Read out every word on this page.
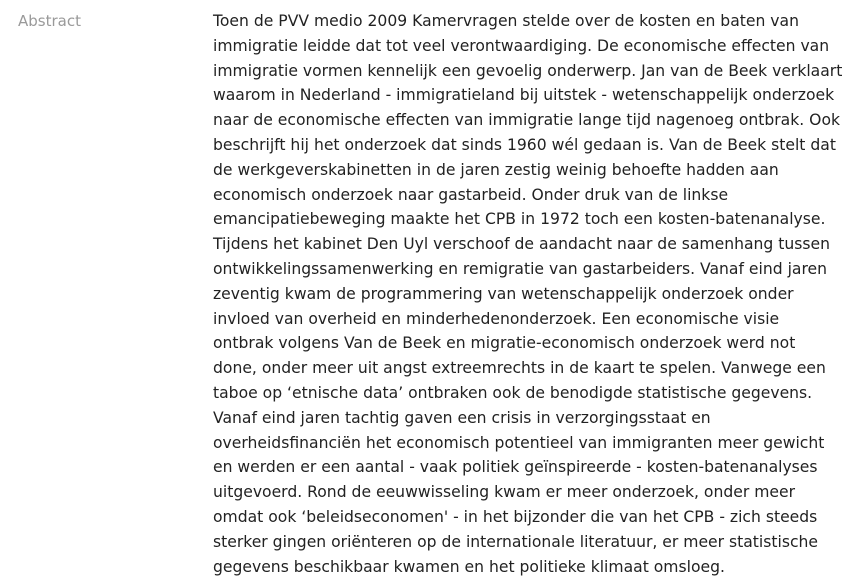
Abstract	Toen de PVV medio 2009 Kamervragen stelde over de kosten en baten van
immigratie leidde dat tot veel verontwaardiging. De economische effecten van
immigratie vormen kennelijk een gevoelig onderwerp. Jan van de Beek verklaart
waarom in Nederland - immigratieland bij uitstek - wetenschappelijk onderzoek
naar de economische effecten van immigratie lange tijd nagenoeg ontbrak. Ook
beschrijft hij het onderzoek dat sinds 1960 wél gedaan is. Van de Beek stelt dat
de werkgeverskabinetten in de jaren zestig weinig behoefte hadden aan
economisch onderzoek naar gastarbeid. Onder druk van de linkse
emancipatiebeweging maakte het CPB in 1972 toch een kosten-batenanalyse.
Tijdens het kabinet Den Uyl verschoof de aandacht naar de samenhang tussen
ontwikkelingssamenwerking en remigratie van gastarbeiders. Vanaf eind jaren
zeventig kwam de programmering van wetenschappelijk onderzoek onder
invloed van overheid en minderhedenonderzoek. Een economische visie
ontbrak volgens Van de Beek en migratie-economisch onderzoek werd not
done, onder meer uit angst extreemrechts in de kaart te spelen. Vanwege een
taboe op ‘etnische data’ ontbraken ook de benodigde statistische gegevens.
Vanaf eind jaren tachtig gaven een crisis in verzorgingsstaat en
overheidsfinanciën het economisch potentieel van immigranten meer gewicht
en werden er een aantal - vaak politiek geïnspireerde - kosten-batenanalyses
uitgevoerd. Rond de eeuwwisseling kwam er meer onderzoek, onder meer
omdat ook ‘beleidseconomen' - in het bijzonder die van het CPB - zich steeds
sterker gingen oriënteren op de internationale literatuur, er meer statistische
gegevens beschikbaar kwamen en het politieke klimaat omsloeg.
